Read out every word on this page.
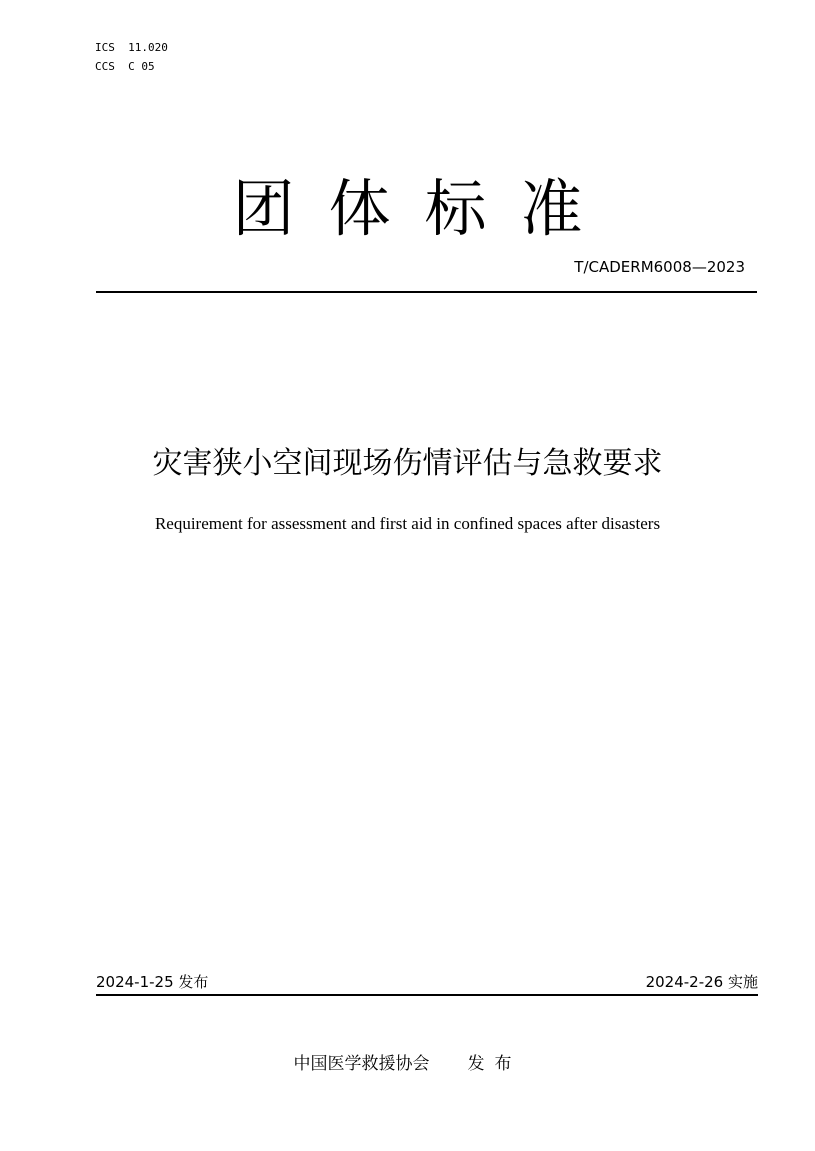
ICS  11.020
CCS  C 05
团体标准
T/CADERM6008—2023
灾害狭小空间现场伤情评估与急救要求
Requirement for assessment and first aid in confined spaces after disasters
2024-1-25 发布	2024-2-26 实施
中国医学救援协会 发布
